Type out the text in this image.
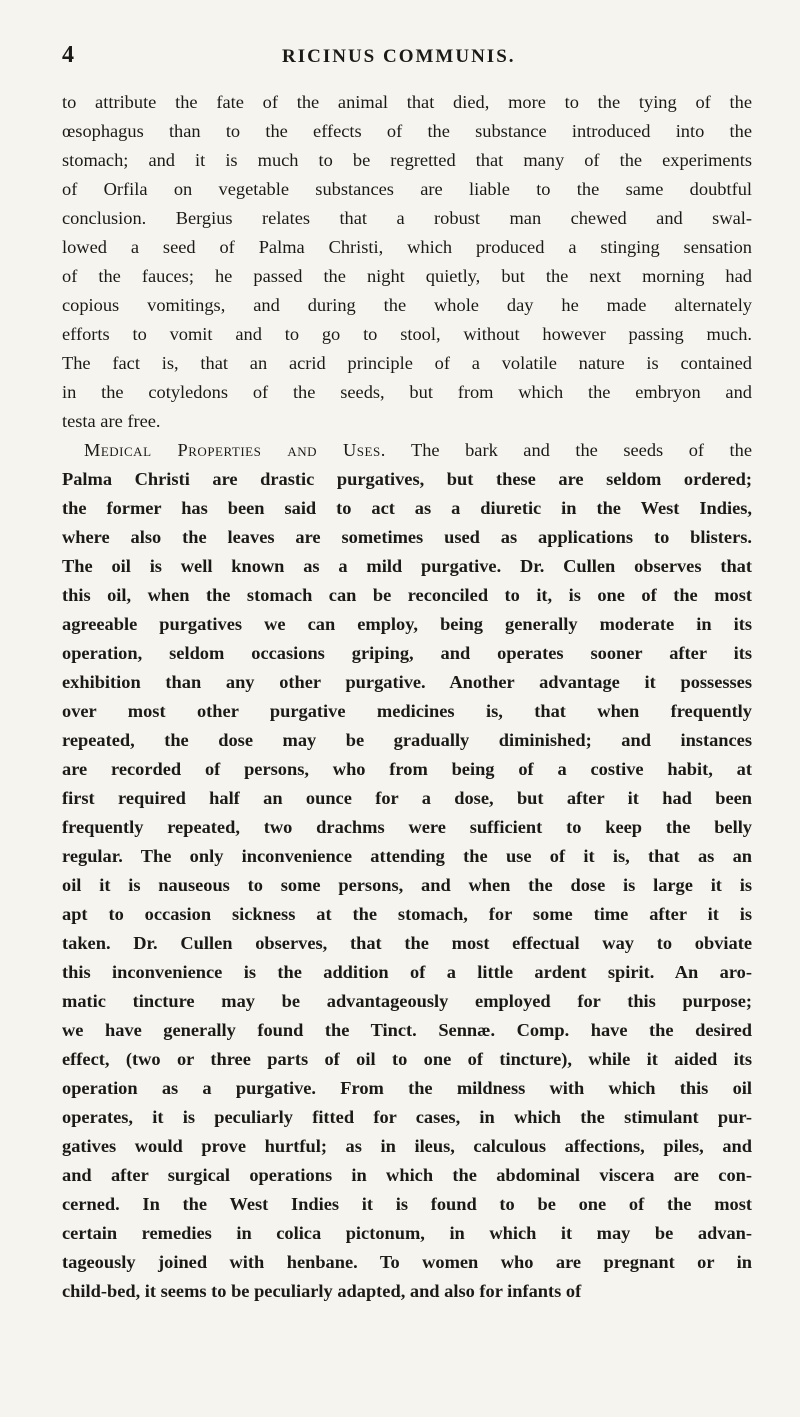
4	RICINUS COMMUNIS.
to attribute the fate of the animal that died, more to the tying of the
œsophagus than to the effects of the substance introduced into the
stomach; and it is much to be regretted that many of the experiments
of Orfila on vegetable substances are liable to the same doubtful
conclusion. Bergius relates that a robust man chewed and swal-
lowed a seed of Palma Christi, which produced a stinging sensation
of the fauces; he passed the night quietly, but the next morning had
copious vomitings, and during the whole day he made alternately
efforts to vomit and to go to stool, without however passing much.
The fact is, that an acrid principle of a volatile nature is contained
in the cotyledons of the seeds, but from which the embryon and
testa are free.
Medical Properties and Uses. The bark and the seeds of the
Palma Christi are drastic purgatives, but these are seldom ordered;
the former has been said to act as a diuretic in the West Indies,
where also the leaves are sometimes used as applications to blisters.
The oil is well known as a mild purgative. Dr. Cullen observes that
this oil, when the stomach can be reconciled to it, is one of the most
agreeable purgatives we can employ, being generally moderate in its
operation, seldom occasions griping, and operates sooner after its
exhibition than any other purgative. Another advantage it possesses
over most other purgative medicines is, that when frequently
repeated, the dose may be gradually diminished; and instances
are recorded of persons, who from being of a costive habit, at
first required half an ounce for a dose, but after it had been
frequently repeated, two drachms were sufficient to keep the belly
regular. The only inconvenience attending the use of it is, that as an
oil it is nauseous to some persons, and when the dose is large it is
apt to occasion sickness at the stomach, for some time after it is
taken. Dr. Cullen observes, that the most effectual way to obviate
this inconvenience is the addition of a little ardent spirit. An aro-
matic tincture may be advantageously employed for this purpose;
we have generally found the Tinct. Sennæ. Comp. have the desired
effect, (two or three parts of oil to one of tincture), while it aided its
operation as a purgative. From the mildness with which this oil
operates, it is peculiarly fitted for cases, in which the stimulant pur-
gatives would prove hurtful; as in ileus, calculous affections, piles, and
and after surgical operations in which the abdominal viscera are con-
cerned. In the West Indies it is found to be one of the most
certain remedies in colica pictonum, in which it may be advan-
tageously joined with henbane. To women who are pregnant or in
child-bed, it seems to be peculiarly adapted, and also for infants of
